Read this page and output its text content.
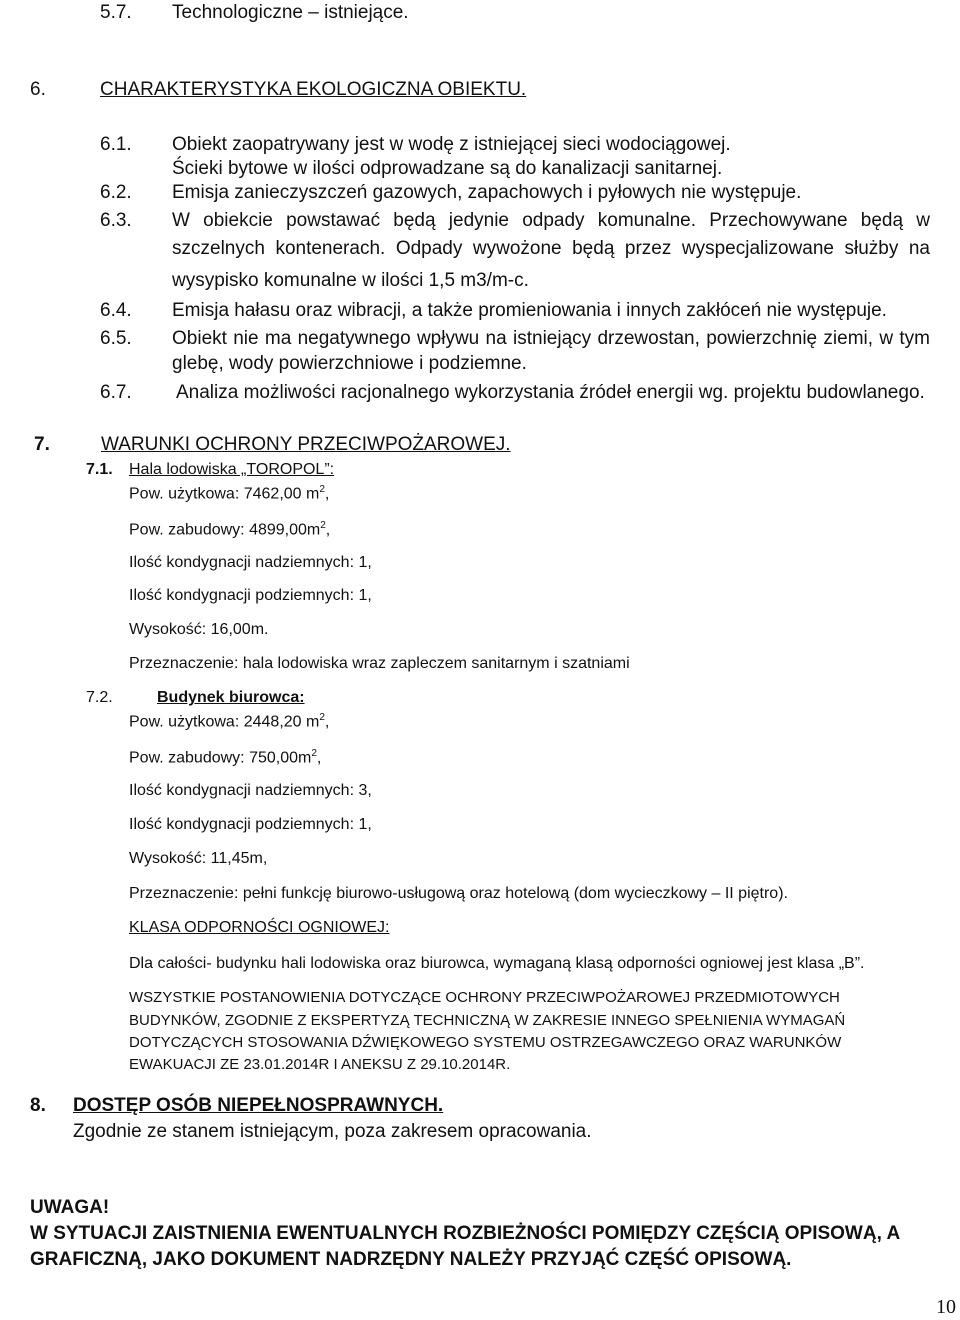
5.7. Technologiczne – istniejące.
6.	CHARAKTERYSTYKA EKOLOGICZNA OBIEKTU.
6.1. Obiekt zaopatrywany jest w wodę z istniejącej sieci wodociągowej.
Ścieki bytowe w ilości odprowadzane są do kanalizacji sanitarnej.
6.2. Emisja zanieczyszczeń gazowych, zapachowych i pyłowych nie występuje.
6.3. W obiekcie powstawać będą jedynie odpady komunalne. Przechowywane będą w
szczelnych kontenerach. Odpady wywożone będą przez wyspecjalizowane służby na
wysypisko komunalne w ilości 1,5 m3/m-c.
6.4. Emisja hałasu oraz wibracji, a także promieniowania i innych zakłóceń nie występuje.
6.5. Obiekt nie ma negatywnego wpływu na istniejący drzewostan, powierzchnię ziemi, w tym
glebę, wody powierzchniowe i podziemne.
6.7. Analiza możliwości racjonalnego wykorzystania źródeł energii wg. projektu budowlanego.
7.	WARUNKI OCHRONY PRZECIWPOŻAROWEJ.
7.1. Hala lodowiska „TOROPOL”:
Pow. użytkowa: 7462,00 $m^2$,
Pow. zabudowy: $4899,00m^2$,
Ilość kondygnacji nadziemnych: 1,
Ilość kondygnacji podziemnych: 1,
Wysokość: 16,00m.
Przeznaczenie: hala lodowiska wraz zapleczem sanitarnym i szatniami
7.2.	Budynek biurowca:
Pow. użytkowa: 2448,20 $m^2$,
Pow. zabudowy: $750,00m^2$,
Ilość kondygnacji nadziemnych: 3,
Ilość kondygnacji podziemnych: 1,
Wysokość: 11,45m,
Przeznaczenie: pełni funkcję biurowo-usługową oraz hotelową (dom wycieczkowy – II piętro).
KLASA ODPORNOŚCI OGNIOWEJ:
Dla całości- budynku hali lodowiska oraz biurowca, wymaganą klasą odporności ogniowej jest klasa „B”.
WSZYSTKIE POSTANOWIENIA DOTYCZĄCE OCHRONY PRZECIWPOŻAROWEJ PRZEDMIOTOWYCH
BUDYNKÓW, ZGODNIE Z EKSPERTYZĄ TECHNICZNĄ W ZAKRESIE INNEGO SPEŁNIENIA WYMAGAŃ
DOTYCZĄCYCH STOSOWANIA DŹWIĘKOWEGO SYSTEMU OSTRZEGAWCZEGO ORAZ WARUNKÓW
EWAKUACJI ZE 23.01.2014R I ANEKSU Z 29.10.2014R.
8. DOSTĘP OSÓB NIEPEŁNOSPRAWNYCH.
Zgodnie ze stanem istniejącym, poza zakresem opracowania.
UWAGA!
W SYTUACJI ZAISTNIENIA EWENTUALNYCH ROZBIEŻNOŚCI POMIĘDZY CZĘŚCIĄ OPISOWĄ, A
GRAFICZNĄ, JAKO DOKUMENT NADRZĘDNY NALEŻY PRZYJĄĆ CZĘŚĆ OPISOWĄ.
10
